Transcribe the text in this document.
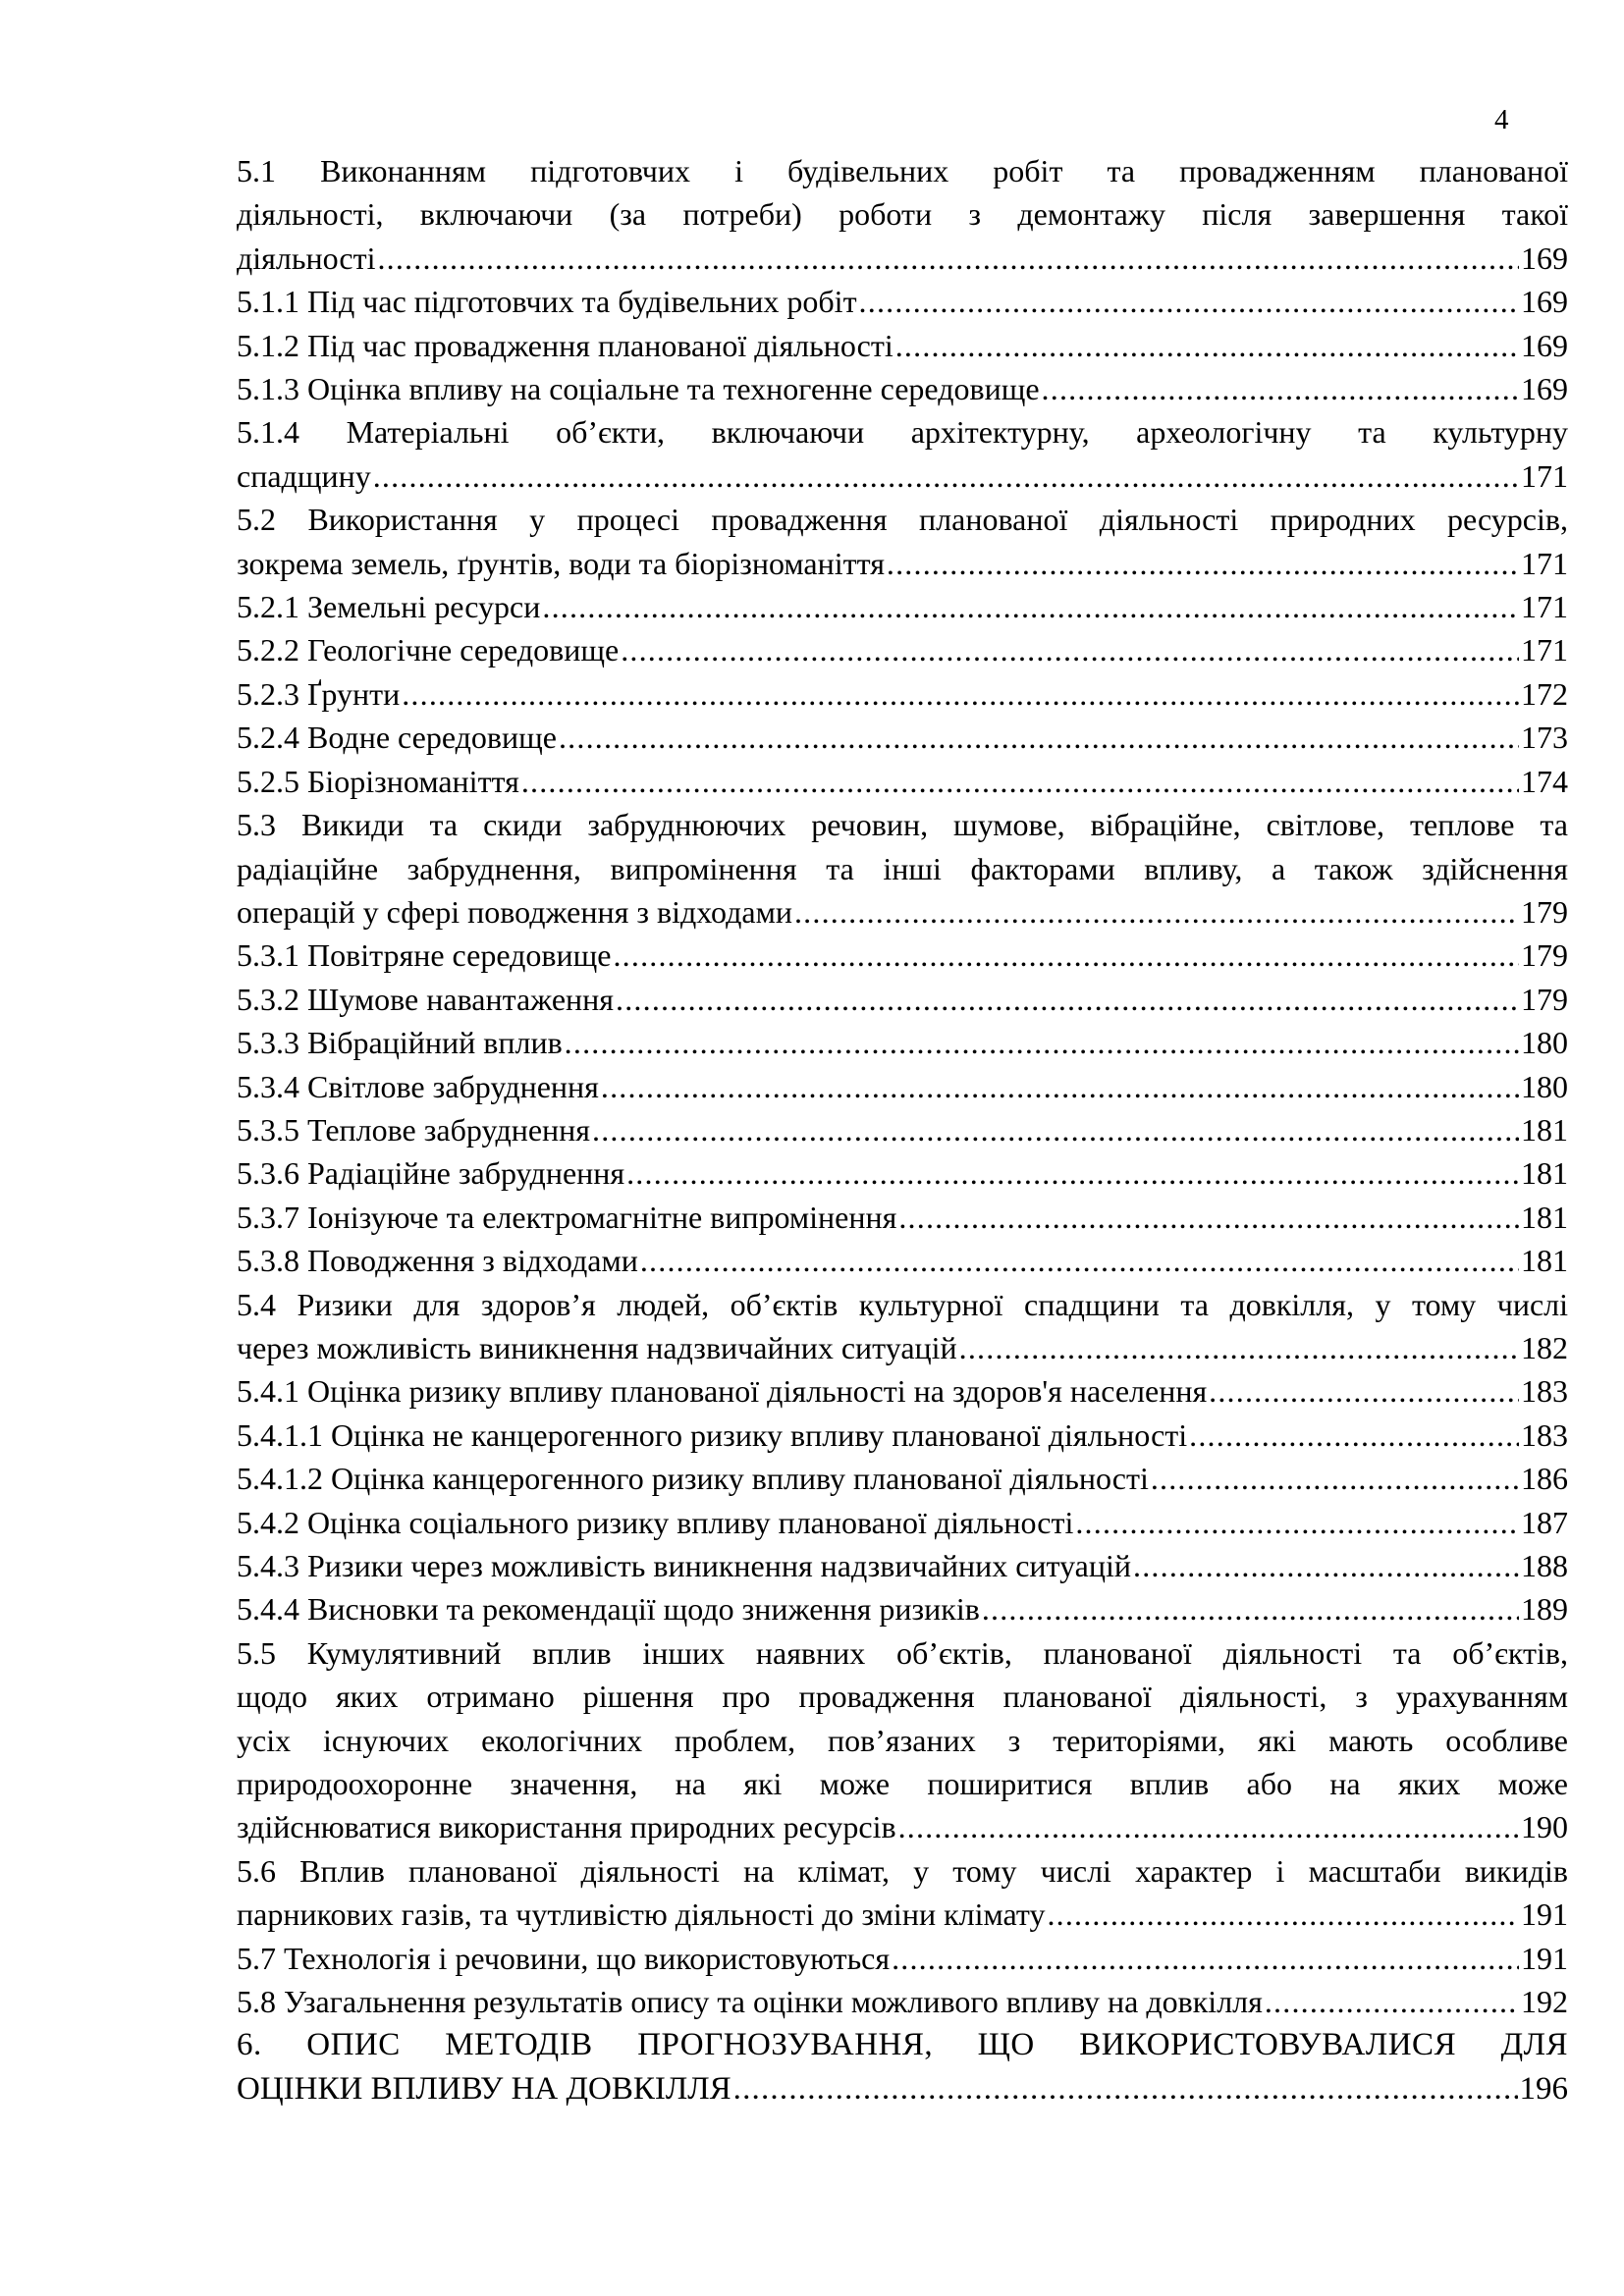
4
5.1 Виконанням підготовчих і будівельних робіт та провадженням планованої
діяльності, включаючи (за потреби) роботи з демонтажу після завершення такої
діяльності .....	169
5.1.1 Під час підготовчих та будівельних робіт .....	169
5.1.2 Під час провадження планованої діяльності .....	169
5.1.3 Оцінка впливу на соціальне та техногенне середовище .....	169
5.1.4 Матеріальні об’єкти, включаючи архітектурну, археологічну та культурну
спадщину .....	171
5.2 Використання у процесі провадження планованої діяльності природних ресурсів,
зокрема земель, ґрунтів, води та біорізноманіття .....	171
5.2.1 Земельні ресурси .....	171
5.2.2 Геологічне середовище .....	171
5.2.3 Ґрунти .....	172
5.2.4 Водне середовище .....	173
5.2.5 Біорізноманіття .....	174
5.3 Викиди та скиди забруднюючих речовин, шумове, вібраційне, світлове, теплове та
радіаційне забруднення, випромінення та інші факторами впливу, а також здійснення
операцій у сфері поводження з відходами .....	179
5.3.1 Повітряне середовище .....	179
5.3.2 Шумове навантаження .....	179
5.3.3 Вібраційний вплив .....	180
5.3.4 Світлове забруднення .....	180
5.3.5 Теплове забруднення .....	181
5.3.6 Радіаційне забруднення .....	181
5.3.7 Іонізуюче та електромагнітне випромінення .....	181
5.3.8 Поводження з відходами .....	181
5.4 Ризики для здоров’я людей, об’єктів культурної спадщини та довкілля, у тому числі
через можливість виникнення надзвичайних ситуацій .....	182
5.4.1 Оцінка ризику впливу планованої діяльності на здоров'я населення .....	183
5.4.1.1 Оцінка не канцерогенного ризику впливу планованої діяльності .....	183
5.4.1.2 Оцінка канцерогенного ризику впливу планованої діяльності .....	186
5.4.2 Оцінка соціального ризику впливу планованої діяльності .....	187
5.4.3 Ризики через можливість виникнення надзвичайних ситуацій .....	188
5.4.4 Висновки та рекомендації щодо зниження ризиків .....	189
5.5 Кумулятивний вплив інших наявних об’єктів, планованої діяльності та об’єктів,
щодо яких отримано рішення про провадження планованої діяльності, з урахуванням
усіх існуючих екологічних проблем, пов’язаних з територіями, які мають особливе
природоохоронне значення, на які може поширитися вплив або на яких може
здійснюватися використання природних ресурсів .....	190
5.6 Вплив планованої діяльності на клімат, у тому числі характер і масштаби викидів
парникових газів, та чутливістю діяльності до зміни клімату .....	191
5.7 Технологія і речовини, що використовуються .....	191
5.8 Узагальнення результатів опису та оцінки можливого впливу на довкілля .....	192
6. ОПИС МЕТОДІВ ПРОГНОЗУВАННЯ, ЩО ВИКОРИСТОВУВАЛИСЯ ДЛЯ
ОЦІНКИ ВПЛИВУ НА ДОВКІЛЛЯ .....	196
